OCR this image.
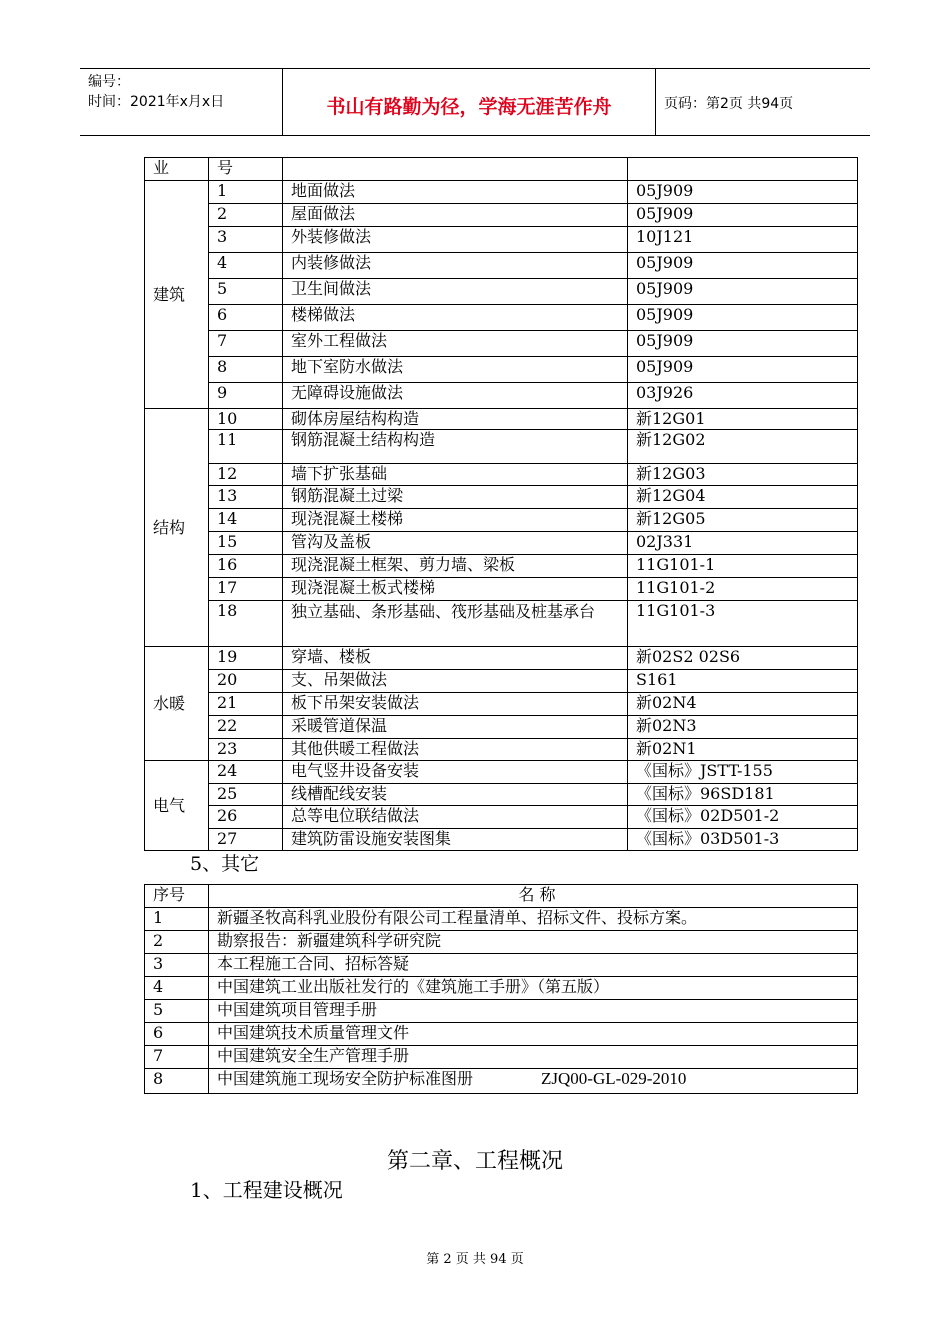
编号：
时间：2021年x月x日	书山有路勤为径，学海无涯苦作舟	页码：第2页 共94页
业	号		
建筑	1	地面做法	05J909
	2	屋面做法	05J909
	3	外装修做法	10J121
	4	内装修做法	05J909
	5	卫生间做法	05J909
	6	楼梯做法	05J909
	7	室外工程做法	05J909
	8	地下室防水做法	05J909
	9	无障碍设施做法	03J926
结构	10	砌体房屋结构构造	新12G01
	11	钢筋混凝土结构构造	新12G02
	12	墙下扩张基础	新12G03
	13	钢筋混凝土过梁	新12G04
	14	现浇混凝土楼梯	新12G05
	15	管沟及盖板	02J331
	16	现浇混凝土框架、剪力墙、梁板	11G101-1
	17	现浇混凝土板式楼梯	11G101-2
	18	独立基础、条形基础、筏形基础及桩基承台	11G101-3
水暖	19	穿墙、楼板	新02S2 02S6
	20	支、吊架做法	S161
	21	板下吊架安装做法	新02N4
	22	采暖管道保温	新02N3
	23	其他供暖工程做法	新02N1
电气	24	电气竖井设备安装	《国标》JSTT-155
	25	线槽配线安装	《国标》96SD181
	26	总等电位联结做法	《国标》02D501-2
	27	建筑防雷设施安装图集	《国标》03D501-3
5、其它
序号	名 称
1	新疆圣牧高科乳业股份有限公司工程量清单、招标文件、投标方案。
2	勘察报告：新疆建筑科学研究院
3	本工程施工合同、招标答疑
4	中国建筑工业出版社发行的《建筑施工手册》（第五版）
5	中国建筑项目管理手册
6	中国建筑技术质量管理文件
7	中国建筑安全生产管理手册
8	中国建筑施工现场安全防护标准图册 ZJQ00-GL-029-2010
第二章、工程概况
1、工程建设概况
第 2 页 共 94 页
